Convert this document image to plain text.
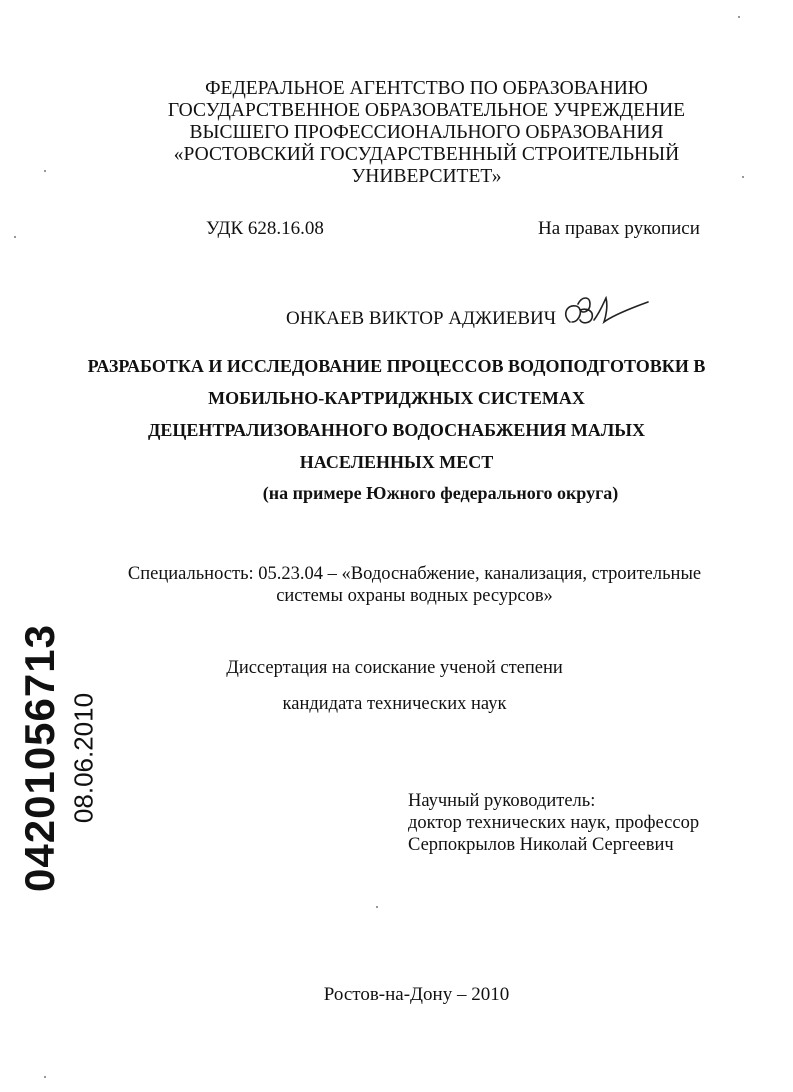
ФЕДЕРАЛЬНОЕ АГЕНТСТВО ПО ОБРАЗОВАНИЮ
ГОСУДАРСТВЕННОЕ ОБРАЗОВАТЕЛЬНОЕ УЧРЕЖДЕНИЕ
ВЫСШЕГО ПРОФЕССИОНАЛЬНОГО ОБРАЗОВАНИЯ
«РОСТОВСКИЙ ГОСУДАРСТВЕННЫЙ СТРОИТЕЛЬНЫЙ
УНИВЕРСИТЕТ»
УДК 628.16.08	На правах рукописи
ОНКАЕВ ВИКТОР АДЖИЕВИЧ
РАЗРАБОТКА И ИССЛЕДОВАНИЕ ПРОЦЕССОВ ВОДОПОДГОТОВКИ В
МОБИЛЬНО-КАРТРИДЖНЫХ СИСТЕМАХ
ДЕЦЕНТРАЛИЗОВАННОГО ВОДОСНАБЖЕНИЯ МАЛЫХ
НАСЕЛЕННЫХ МЕСТ
(на примере Южного федерального округа)
Специальность: 05.23.04 – «Водоснабжение, канализация, строительные
системы охраны водных ресурсов»
Диссертация на соискание ученой степени
кандидата технических наук
Научный руководитель:
доктор технических наук, профессор
Серпокрылов Николай Сергеевич
Ростов-на-Дону – 2010
04201056713 08.06.2010
